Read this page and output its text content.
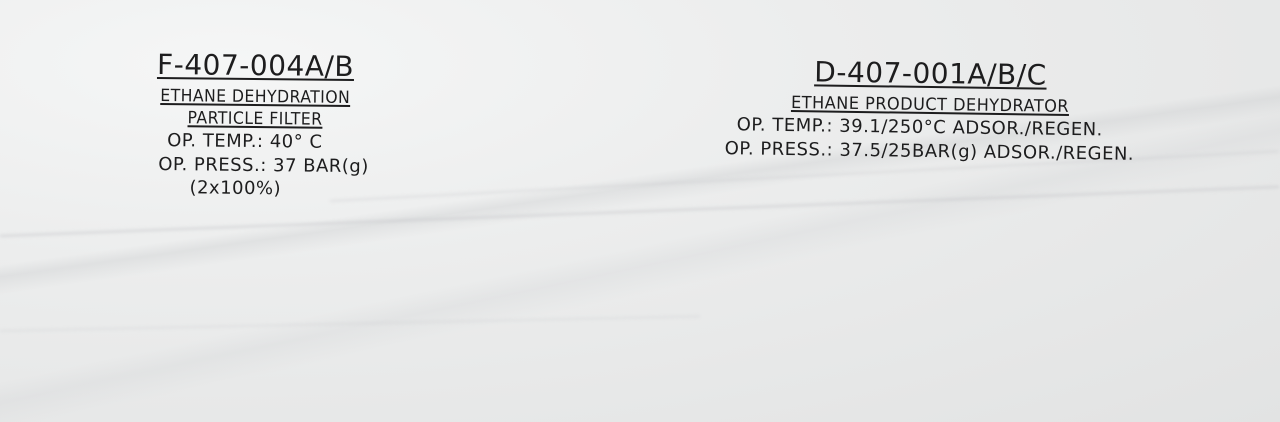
F-407-004A/B
ETHANE DEHYDRATION
PARTICLE FILTER
OP. TEMP.: 40° C
OP. PRESS.: 37 BAR(g)
(2x100%)
D-407-001A/B/C
ETHANE PRODUCT DEHYDRATOR
OP. TEMP.: 39.1/250°C ADSOR./REGEN.
OP. PRESS.: 37.5/25BAR(g) ADSOR./REGEN.
